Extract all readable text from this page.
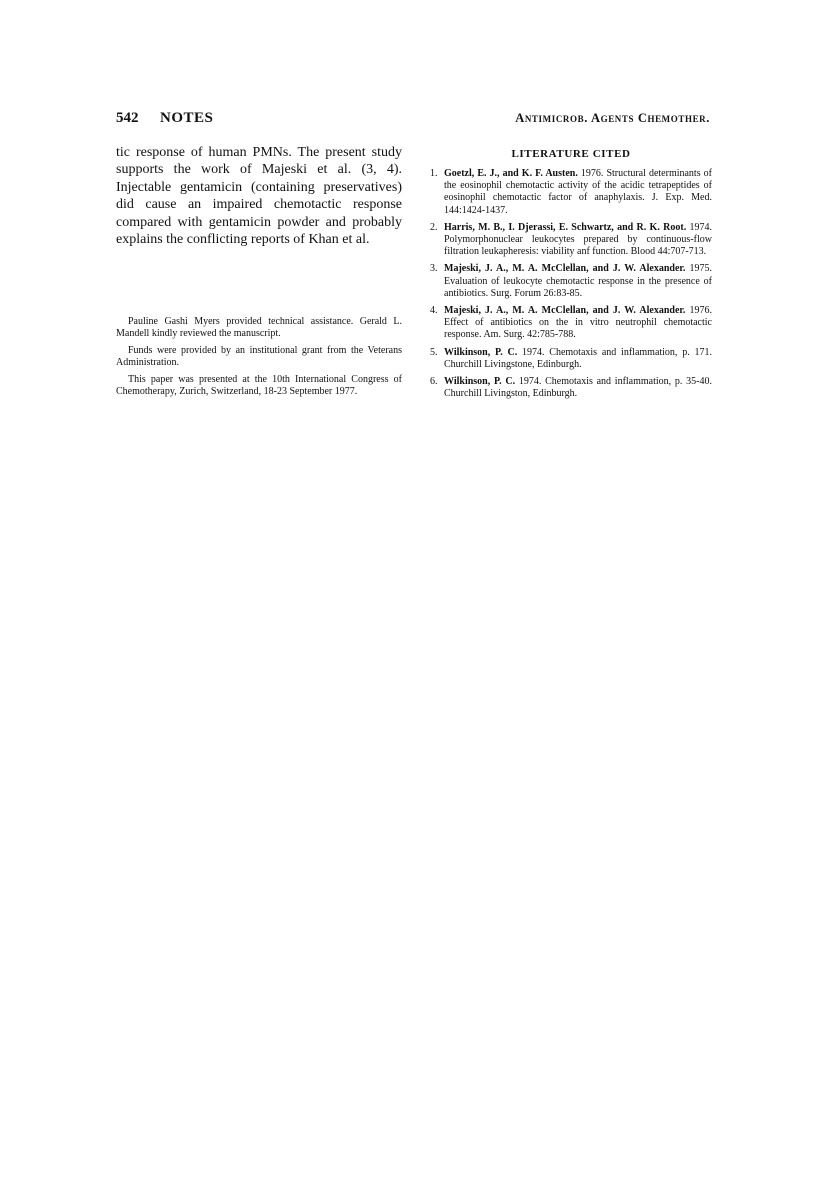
542 NOTES	Antimicrob. Agents Chemother.

tic response of human PMNs. The present study supports the work of Majeski et al. (3, 4). Injectable gentamicin (containing preservatives) did cause an impaired chemotactic response compared with gentamicin powder and probably explains the conflicting reports of Khan et al.

Pauline Gashi Myers provided technical assistance. Gerald L. Mandell kindly reviewed the manuscript.

Funds were provided by an institutional grant from the Veterans Administration.

This paper was presented at the 10th International Congress of Chemotherapy, Zurich, Switzerland, 18-23 September 1977.

LITERATURE CITED
1. Goetzl, E. J., and K. F. Austen. 1976. Structural determinants of the eosinophil chemotactic activity of the acidic tetrapeptides of eosinophil chemotactic factor of anaphylaxis. J. Exp. Med. 144:1424-1437.
2. Harris, M. B., I. Djerassi, E. Schwartz, and R. K. Root. 1974. Polymorphonuclear leukocytes prepared by continuous-flow filtration leukapheresis: viability anf function. Blood 44:707-713.
3. Majeski, J. A., M. A. McClellan, and J. W. Alexander. 1975. Evaluation of leukocyte chemotactic response in the presence of antibiotics. Surg. Forum 26:83-85.
4. Majeski, J. A., M. A. McClellan, and J. W. Alexander. 1976. Effect of antibiotics on the in vitro neutrophil chemotactic response. Am. Surg. 42:785-788.
5. Wilkinson, P. C. 1974. Chemotaxis and inflammation, p. 171. Churchill Livingstone, Edinburgh.
6. Wilkinson, P. C. 1974. Chemotaxis and inflammation, p. 35-40. Churchill Livingston, Edinburgh.
